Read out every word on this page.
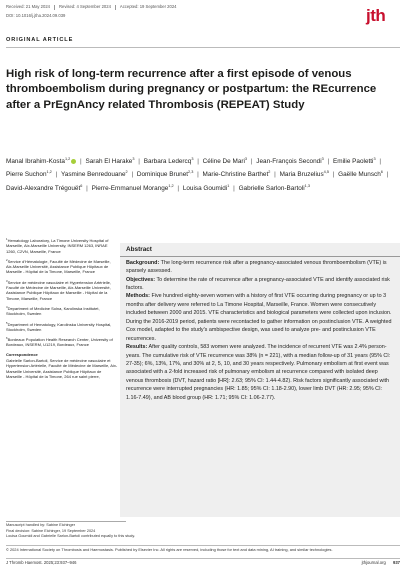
Received: 21 May 2024 Revised: 4 September 2024 Accepted: 19 September 2024
DOI: 10.1016/j.jtha.2024.09.039	jth
ORIGINAL ARTICLE
High risk of long-term recurrence after a first episode of venous thromboembolism during pregnancy or postpartum: the REcurrence after a PrEgnAncy related Thrombosis (REPEAT) Study
Manal Ibrahim-Kosta$^{1,2}$ | Sarah El Harake$^3$ | Barbara Ledercq$^3$ | Céline De Mari$^3$ | Jean-François Secondi$^3$ | Emilie Paoletti$^3$ | Pierre Suchon$^{1,2}$ | Yasmine Benredouane$^2$ | Dominique Brunet$^{2,3}$ | Marie-Christine Barthet$^2$ | Maria Bruzelius$^{4,5}$ | Gaëlle Munsch$^6$ | David-Alexandre Trégouët$^6$ | Pierre-Emmanuel Morange$^{1,2}$ | Louisa Goumidi$^1$ | Gabrielle Sarlon-Bartoli$^{1,3}$

$^1$Hematology Laboratory, La Timone University Hospital of Marseille, Aix-Marseille University, INSERM 1263, INRAE 1260, C2VN, Marseille, France

$^2$Service d'Hématologie, Faculté de Médecine de Marseille, Aix-Marseille Université, Assistance Publique Hôpitaux de Marseille - Hôpital de la Timone, Marseille, France

$^3$Service de médecine vasculaire et Hypertension Artérielle, Faculté de Médecine de Marseille, Aix-Marseille Université, Assistance Publique Hôpitaux de Marseille - Hôpital de la Timone, Marseille, France

$^4$Department of Medicine Solna, Karolinska Institutet, Stockholm, Sweden

$^5$Department of Hematology, Karolinska University Hospital, Stockholm, Sweden

$^6$Bordeaux Population Health Research Center, University of Bordeaux, INSERM, U1219, Bordeaux, France

Correspondence

Gabrielle Sarlon-Bartoli, Service de médecine vasculaire et Hypertension Artérielle, Faculté de Médecine de Marseille, Aix-Marseille Université, Assistance Publique Hôpitaux de Marseille - Hôpital de la Timone, 264 rue saint pierre,

Abstract

Background: The long-term recurrence risk after a pregnancy-associated venous thromboembolism (VTE) is sparsely assessed.

Objectives: To determine the rate of recurrence after a pregnancy-associated VTE and identify associated risk factors.

Methods: Five hundred eighty-seven women with a history of first VTE occurring during pregnancy or up to 3 months after delivery were referred to La Timone Hospital, Marseille, France. Women were consecutively included between 2000 and 2015. VTE characteristics and biological parameters were collected upon inclusion. During the 2016-2019 period, patients were recontacted to gather information on postinclusion VTE. A weighted Cox model, adapted to the study's ambispective design, was used to analyze pre- and postinclusion VTE recurrences.

Results: After quality controls, 583 women were analyzed. The incidence of recurrent VTE was 2.4% person-years. The cumulative risk of VTE recurrence was 38% (n = 221), with a median follow-up of 31 years (95% CI: 27-35); 6%, 13%, 17%, and 30% at 2, 5, 10, and 30 years respectively. Pulmonary embolism at first event was associated with a 2-fold increased risk of pulmonary embolism at recurrence compared with isolated deep venous thrombosis (DVT, hazard ratio [HR]: 2.63; 95% CI: 1.44-4.82). Risk factors significantly associated with recurrence were interrupted pregnancies (HR: 1.85; 95% CI: 1.18-2.90), lower limb DVT (HR: 2.95; 95% CI: 1.16-7.49), and AB blood group (HR: 1.71; 95% CI: 1.06-2.77).

Manuscript handled by: Sabine Eichinger
Final decision: Sabine Eichinger, 19 September 2024
Louisa Goumidi and Gabrielle Sarlon-Bartoli contributed equally to this study.
© 2024 International Society on Thrombosis and Haemostasis. Published by Elsevier Inc. All rights are reserved, including those for text and data mining, AI training, and similar technologies.
J Thromb Haemost. 2025;23:937–946	jthjournal.org 937
